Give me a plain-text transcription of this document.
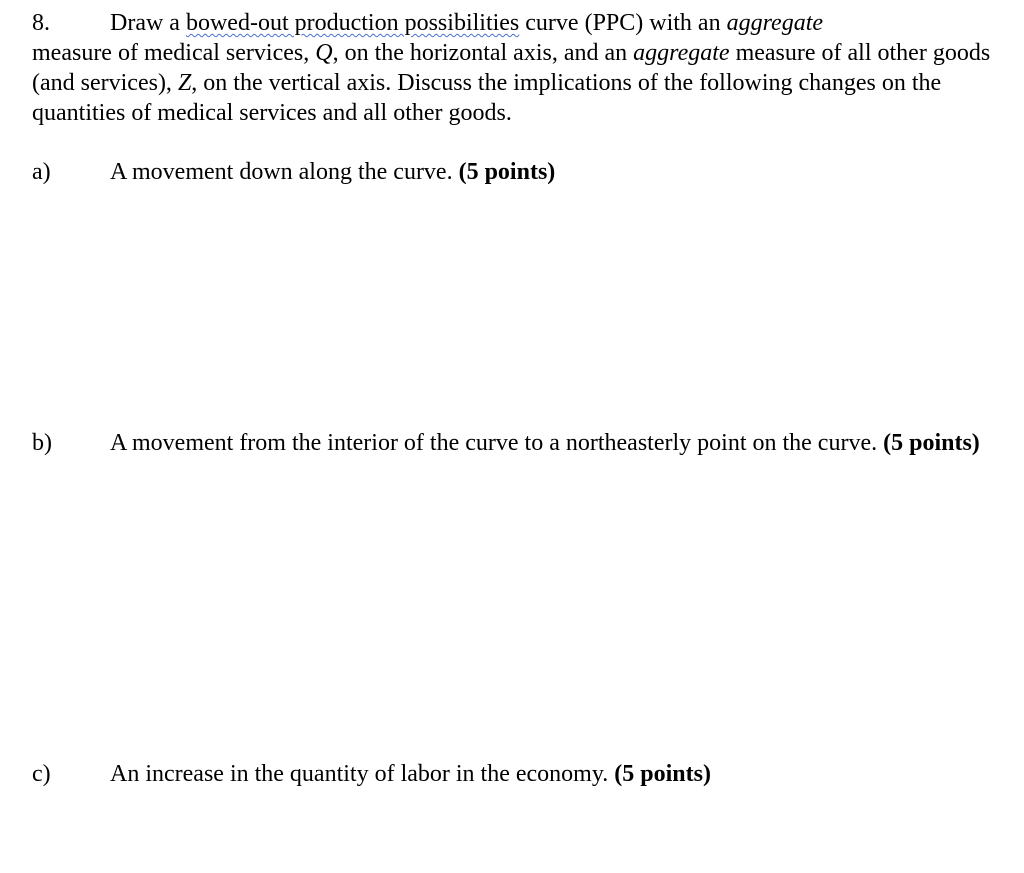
8.	Draw a bowed-out production possibilities curve (PPC) with an aggregate
measure of medical services, Q, on the horizontal axis, and an aggregate measure of all other goods (and services), Z, on the vertical axis. Discuss the implications of the following changes on the quantities of medical services and all other goods.
a) A movement down along the curve. (5 points)
b) A movement from the interior of the curve to a northeasterly point on the curve. (5 points)
c) An increase in the quantity of labor in the economy. (5 points)
